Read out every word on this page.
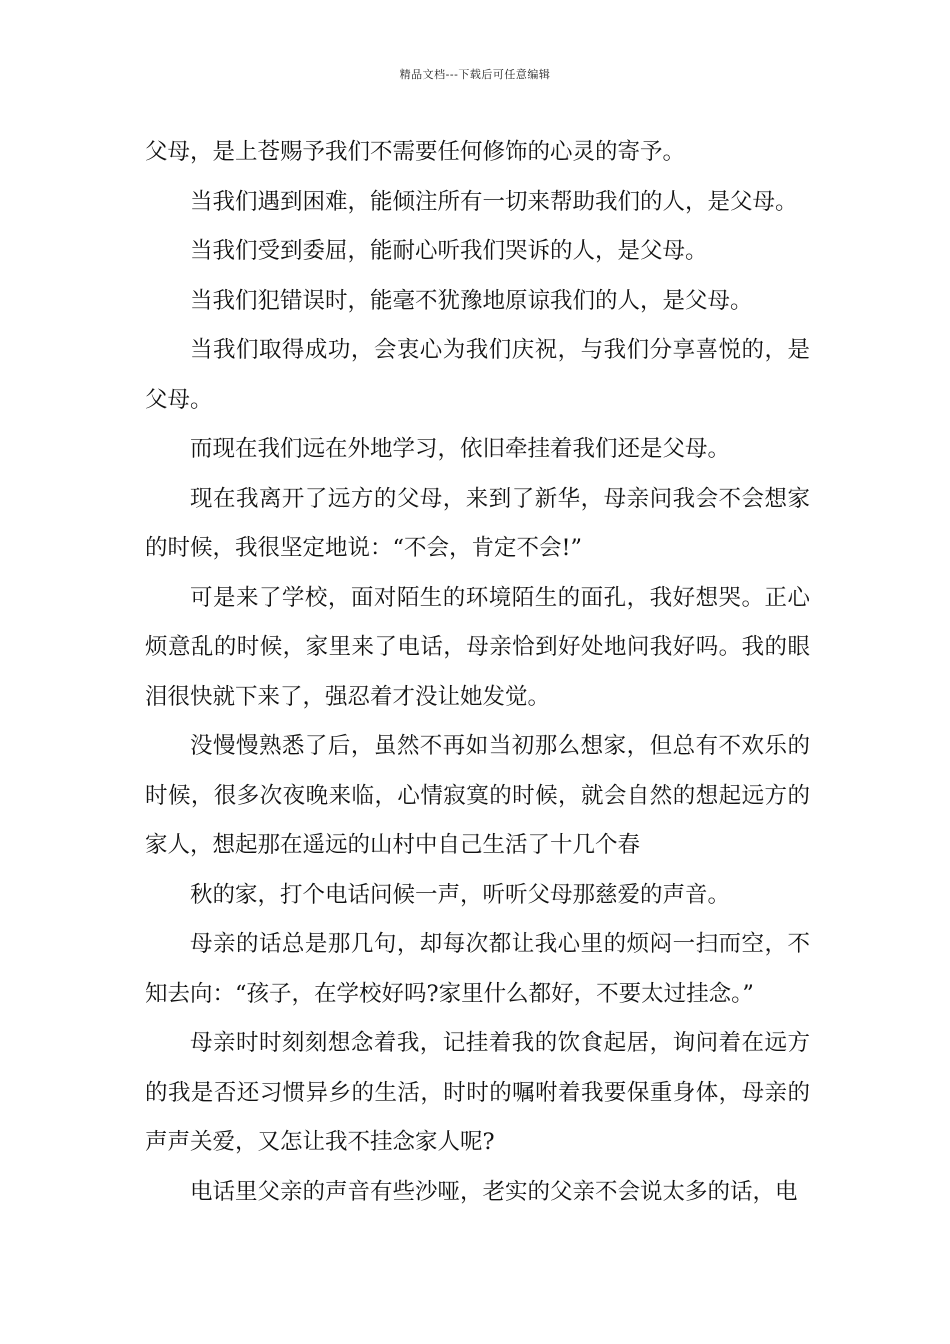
精品文档---下载后可任意编辑

父母，是上苍赐予我们不需要任何修饰的心灵的寄予。

当我们遇到困难，能倾注所有一切来帮助我们的人，是父母。

当我们受到委屈，能耐心听我们哭诉的人，是父母。

当我们犯错误时，能毫不犹豫地原谅我们的人，是父母。

当我们取得成功，会衷心为我们庆祝，与我们分享喜悦的，是父母。

而现在我们远在外地学习，依旧牵挂着我们还是父母。

现在我离开了远方的父母，来到了新华，母亲问我会不会想家的时候，我很坚定地说：“不会，肯定不会!”

可是来了学校，面对陌生的环境陌生的面孔，我好想哭。正心烦意乱的时候，家里来了电话，母亲恰到好处地问我好吗。我的眼泪很快就下来了，强忍着才没让她发觉。

没慢慢熟悉了后，虽然不再如当初那么想家，但总有不欢乐的时候，很多次夜晚来临，心情寂寞的时候，就会自然的想起远方的家人，想起那在遥远的山村中自己生活了十几个春

秋的家，打个电话问候一声，听听父母那慈爱的声音。

母亲的话总是那几句，却每次都让我心里的烦闷一扫而空，不知去向：“孩子，在学校好吗?家里什么都好，不要太过挂念。”

母亲时时刻刻想念着我，记挂着我的饮食起居，询问着在远方的我是否还习惯异乡的生活，时时的嘱咐着我要保重身体，母亲的声声关爱，又怎让我不挂念家人呢?

电话里父亲的声音有些沙哑，老实的父亲不会说太多的话，电
